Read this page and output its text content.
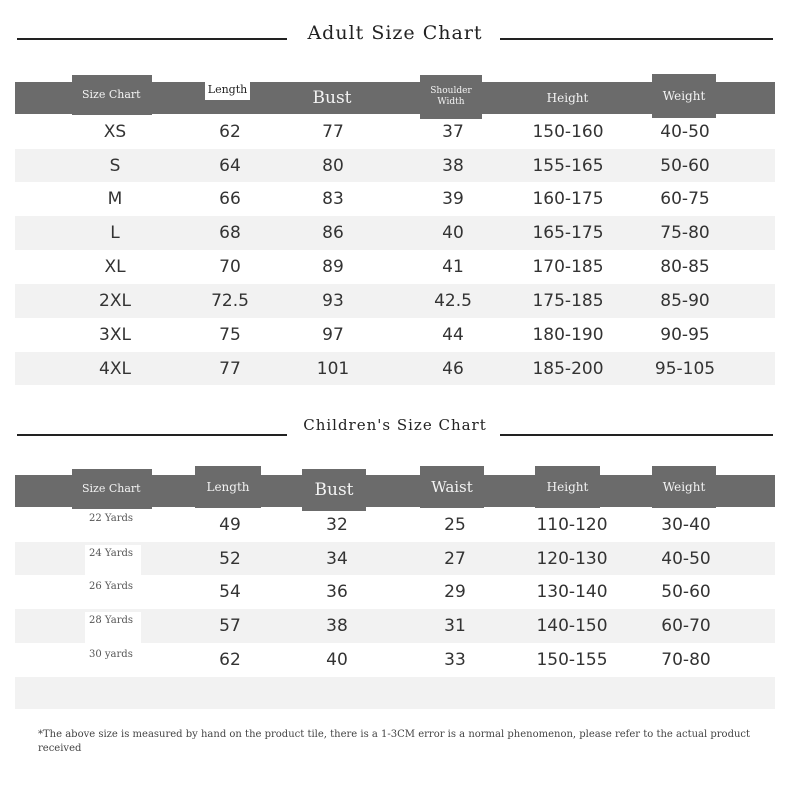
Adult Size Chart
Size Chart	Length	Bust	Shoulder Width	Height	Weight
XS	62	77	37	150-160	40-50
S	64	80	38	155-165	50-60
M	66	83	39	160-175	60-75
L	68	86	40	165-175	75-80
XL	70	89	41	170-185	80-85
2XL	72.5	93	42.5	175-185	85-90
3XL	75	97	44	180-190	90-95
4XL	77	101	46	185-200	95-105
Children's Size Chart
Size Chart	Length	Bust	Waist	Height	Weight
22 Yards	49	32	25	110-120	30-40
24 Yards	52	34	27	120-130	40-50
26 Yards	54	36	29	130-140	50-60
28 Yards	57	38	31	140-150	60-70
30 yards	62	40	33	150-155	70-80
*The above size is measured by hand on the product tile, there is a 1-3CM error is a normal phenomenon, please refer to the actual product received
